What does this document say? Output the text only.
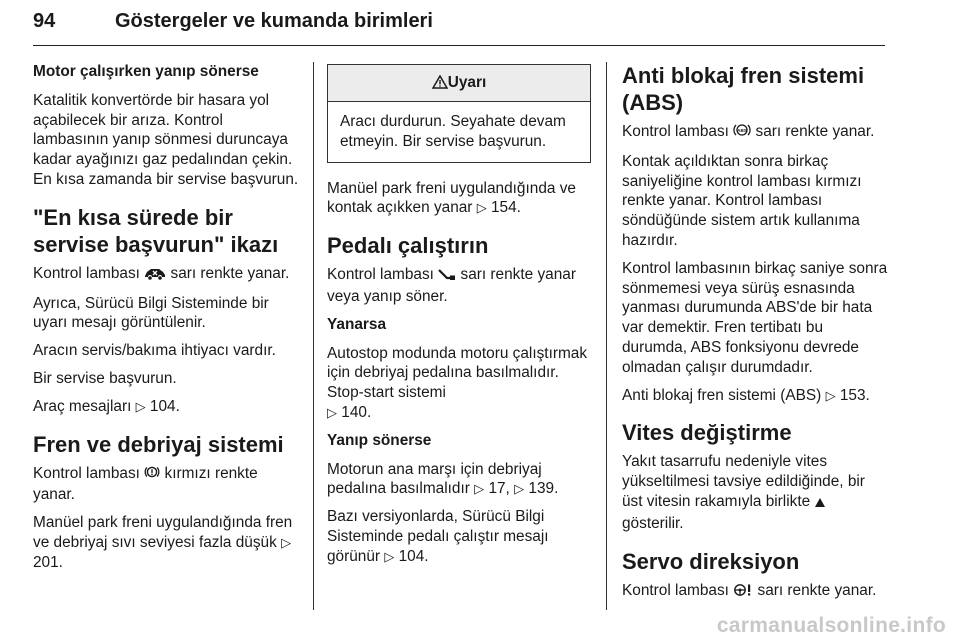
94	Göstergeler ve kumanda birimleri
Motor çalışırken yanıp sönerse

Katalitik konvertörde bir hasara yol açabilecek bir arıza. Kontrol lambasının yanıp sönmesi duruncaya kadar ayağınızı gaz pedalından çekin. En kısa zamanda bir servise başvurun.

"En kısa sürede bir servise başvurun" ikazı

Kontrol lambası sarı renkte yanar.

Ayrıca, Sürücü Bilgi Sisteminde bir uyarı mesajı görüntülenir.

Aracın servis/bakıma ihtiyacı vardır.

Bir servise başvurun.

Araç mesajları ▷ 104.

Fren ve debriyaj sistemi

Kontrol lambası kırmızı renkte yanar.

Manüel park freni uygulandığında fren ve debriyaj sıvı seviyesi fazla düşük ▷ 201.

Uyarı
Aracı durdurun. Seyahate devam etmeyin. Bir servise başvurun.

Manüel park freni uygulandığında ve kontak açıkken yanar ▷ 154.

Pedalı çalıştırın

Kontrol lambası sarı renkte yanar veya yanıp söner.

Yanarsa

Autostop modunda motoru çalıştırmak için debriyaj pedalına basılmalıdır. Stop-start sistemi
▷ 140.

Yanıp sönerse

Motorun ana marşı için debriyaj pedalına basılmalıdır ▷ 17, ▷ 139.

Bazı versiyonlarda, Sürücü Bilgi Sisteminde pedalı çalıştır mesajı görünür ▷ 104.

Anti blokaj fren sistemi (ABS)

Kontrol lambası ABS sarı renkte yanar.

Kontak açıldıktan sonra birkaç saniyeliğine kontrol lambası kırmızı renkte yanar. Kontrol lambası söndüğünde sistem artık kullanıma hazırdır.

Kontrol lambasının birkaç saniye sonra sönmemesi veya sürüş esnasında yanması durumunda ABS'de bir hata var demektir. Fren tertibatı bu durumda, ABS fonksiyonu devrede olmadan çalışır durumdadır.

Anti blokaj fren sistemi (ABS) ▷ 153.

Vites değiştirme

Yakıt tasarrufu nedeniyle vites yükseltilmesi tavsiye edildiğinde, bir üst vitesin rakamıyla birlikte
gösterilir.

Servo direksiyon

Kontrol lambası sarı renkte yanar.

carmanualsonline.info
